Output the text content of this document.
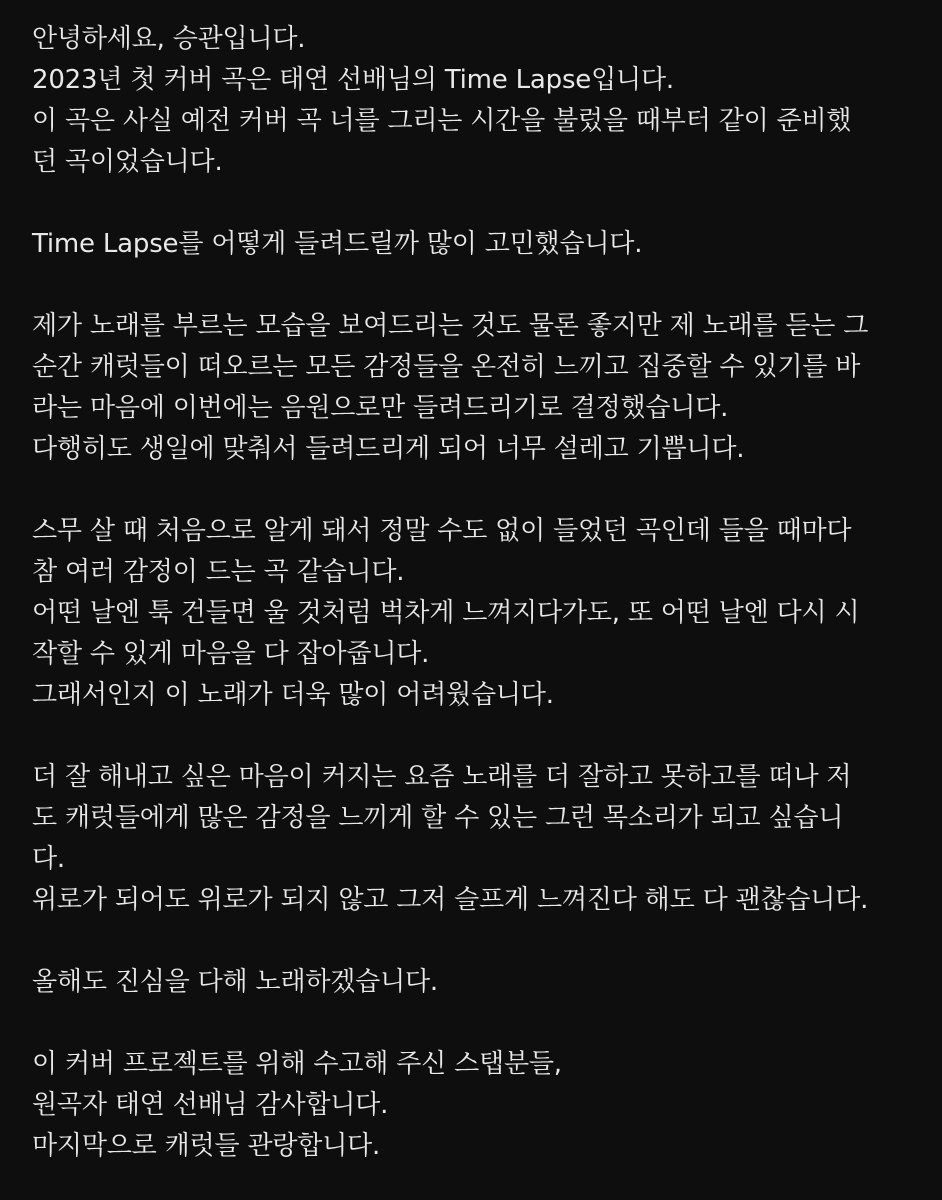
안녕하세요, 승관입니다.
2023년 첫 커버 곡은 태연 선배님의 Time Lapse입니다.
이 곡은 사실 예전 커버 곡 너를 그리는 시간을 불렀을 때부터 같이 준비했
던 곡이었습니다.
Time Lapse를 어떻게 들려드릴까 많이 고민했습니다.
제가 노래를 부르는 모습을 보여드리는 것도 물론 좋지만 제 노래를 듣는 그
순간 캐럿들이 떠오르는 모든 감정들을 온전히 느끼고 집중할 수 있기를 바
라는 마음에 이번에는 음원으로만 들려드리기로 결정했습니다.
다행히도 생일에 맞춰서 들려드리게 되어 너무 설레고 기쁩니다.
스무 살 때 처음으로 알게 돼서 정말 수도 없이 들었던 곡인데 들을 때마다
참 여러 감정이 드는 곡 같습니다.
어떤 날엔 툭 건들면 울 것처럼 벅차게 느껴지다가도, 또 어떤 날엔 다시 시
작할 수 있게 마음을 다 잡아줍니다.
그래서인지 이 노래가 더욱 많이 어려웠습니다.
더 잘 해내고 싶은 마음이 커지는 요즘 노래를 더 잘하고 못하고를 떠나 저
도 캐럿들에게 많은 감정을 느끼게 할 수 있는 그런 목소리가 되고 싶습니
다.
위로가 되어도 위로가 되지 않고 그저 슬프게 느껴진다 해도 다 괜찮습니다.
올해도 진심을 다해 노래하겠습니다.
이 커버 프로젝트를 위해 수고해 주신 스탭분들,
원곡자 태연 선배님 감사합니다.
마지막으로 캐럿들 관랑합니다.
